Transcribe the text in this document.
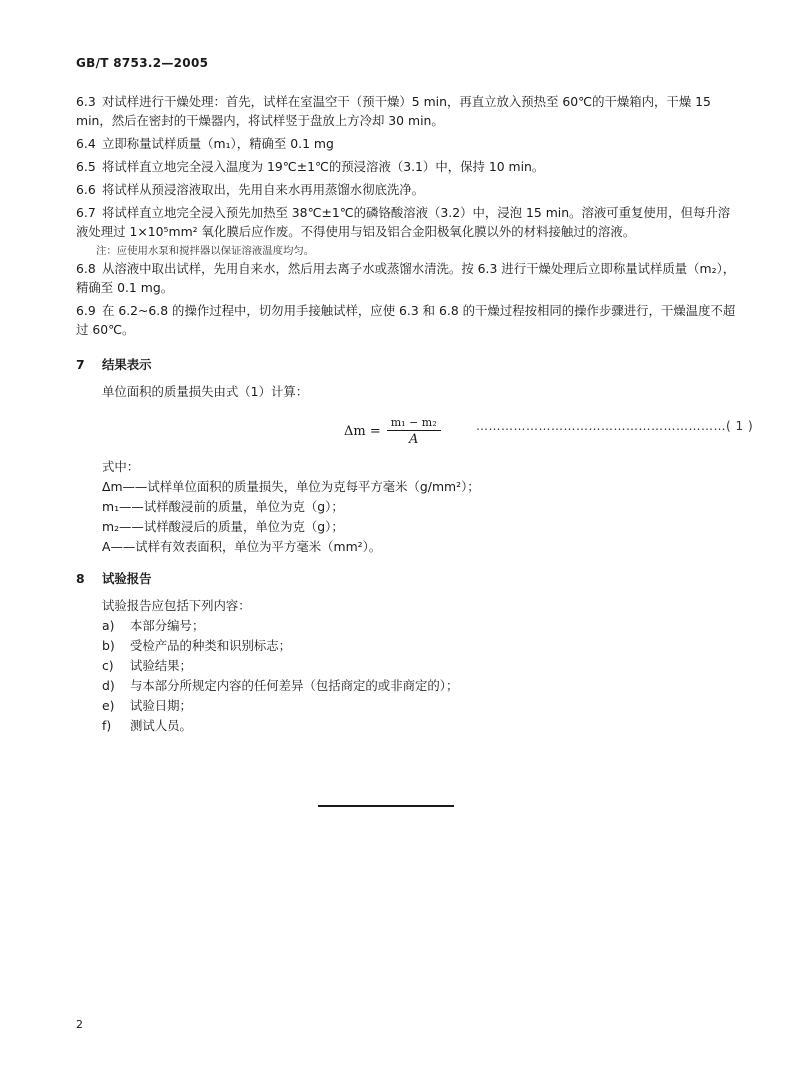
GB/T 8753.2—2005

6.3 对试样进行干燥处理：首先，试样在室温空干（预干燥）5 min，再直立放入预热至 60℃的干燥箱内，干燥 15 min，然后在密封的干燥器内，将试样竖于盘放上方冷却 30 min。

6.4 立即称量试样质量（m₁），精确至 0.1 mg

6.5 将试样直立地完全浸入温度为 19℃±1℃的预浸溶液（3.1）中，保持 10 min。

6.6 将试样从预浸溶液取出，先用自来水再用蒸馏水彻底洗净。

6.7 将试样直立地完全浸入预先加热至 38℃±1℃的磷铬酸溶液（3.2）中，浸泡 15 min。溶液可重复使用，但每升溶液处理过 1×10⁵mm² 氧化膜后应作废。不得使用与铝及铝合金阳极氧化膜以外的材料接触过的溶液。

注：应使用水泵和搅拌器以保证溶液温度均匀。

6.8 从溶液中取出试样，先用自来水，然后用去离子水或蒸馏水清洗。按 6.3 进行干燥处理后立即称量试样质量（m₂），精确至 0.1 mg。

6.9 在 6.2~6.8 的操作过程中，切勿用手接触试样，应使 6.3 和 6.8 的干燥过程按相同的操作步骤进行，干燥温度不超过 60℃。

7 结果表示

单位面积的质量损失由式（1）计算：

$\Delta m = \frac{\text{m₁ − m₂}}{A}$	……………………………………………………( 1 )
式中：
Δm——试样单位面积的质量损失，单位为克每平方毫米（g/mm²）；
m₁——试样酸浸前的质量，单位为克（g）；
m₂——试样酸浸后的质量，单位为克（g）；
A——试样有效表面积，单位为平方毫米（mm²）。

8 试验报告

试验报告应包括下列内容：
a) 本部分编号；
b) 受检产品的种类和识别标志；
c) 试验结果；
d) 与本部分所规定内容的任何差异（包括商定的或非商定的）；
e) 试验日期；
f) 测试人员。
2
